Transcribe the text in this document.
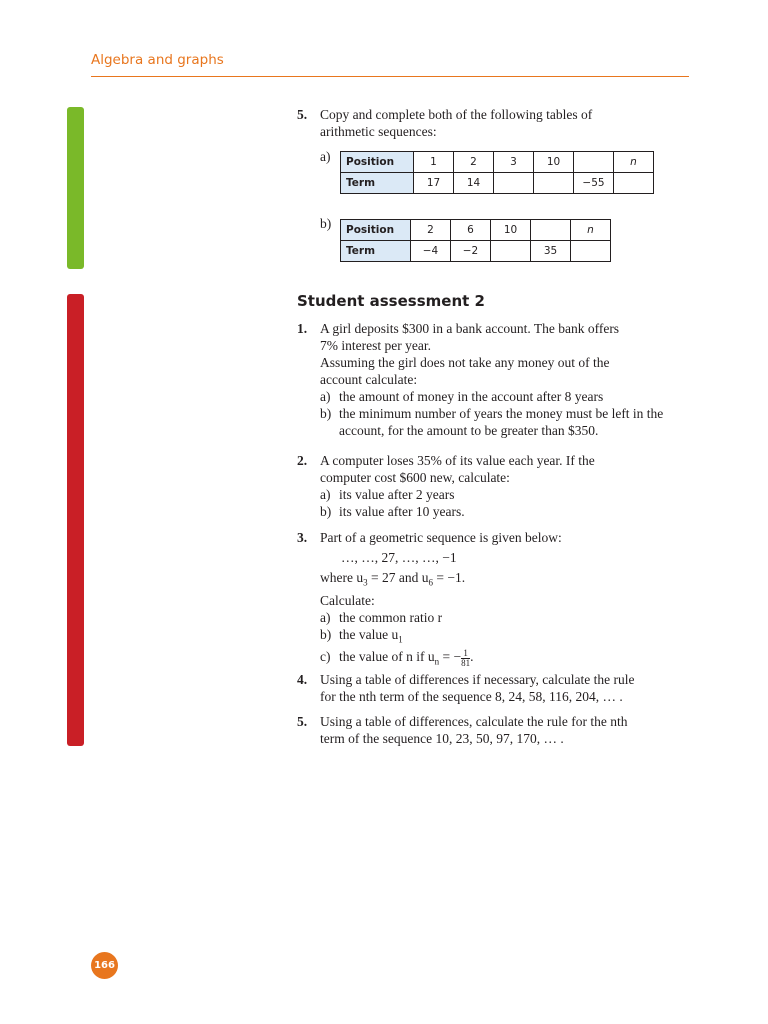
Algebra and graphs
5. Copy and complete both of the following tables of arithmetic sequences:
a) Position	1	2	3	10		n
Term	17	14			−55	
b) Position	2	6	10		n
Term	−4	−2		35	
Student assessment 2
1. A girl deposits $300 in a bank account. The bank offers
7% interest per year.
Assuming the girl does not take any money out of the
account calculate:
a) the amount of money in the account after 8 years
b) the minimum number of years the money must be left in the account, for the amount to be greater than $350.
2. A computer loses 35% of its value each year. If the
computer cost $600 new, calculate:
a) its value after 2 years
b) its value after 10 years.
3. Part of a geometric sequence is given below:
…, …, 27, …, …, −1
where $u_3 = 27$ and $u_6 = -1$.
Calculate:
a) the common ratio r
b) the value $u_1$
c) the value of n if $u_n$ = − $\frac{1}{81}$ .
4. Using a table of differences if necessary, calculate the rule
for the nth term of the sequence 8, 24, 58, 116, 204, … .
5. Using a table of differences, calculate the rule for the nth
term of the sequence 10, 23, 50, 97, 170, … .
166
